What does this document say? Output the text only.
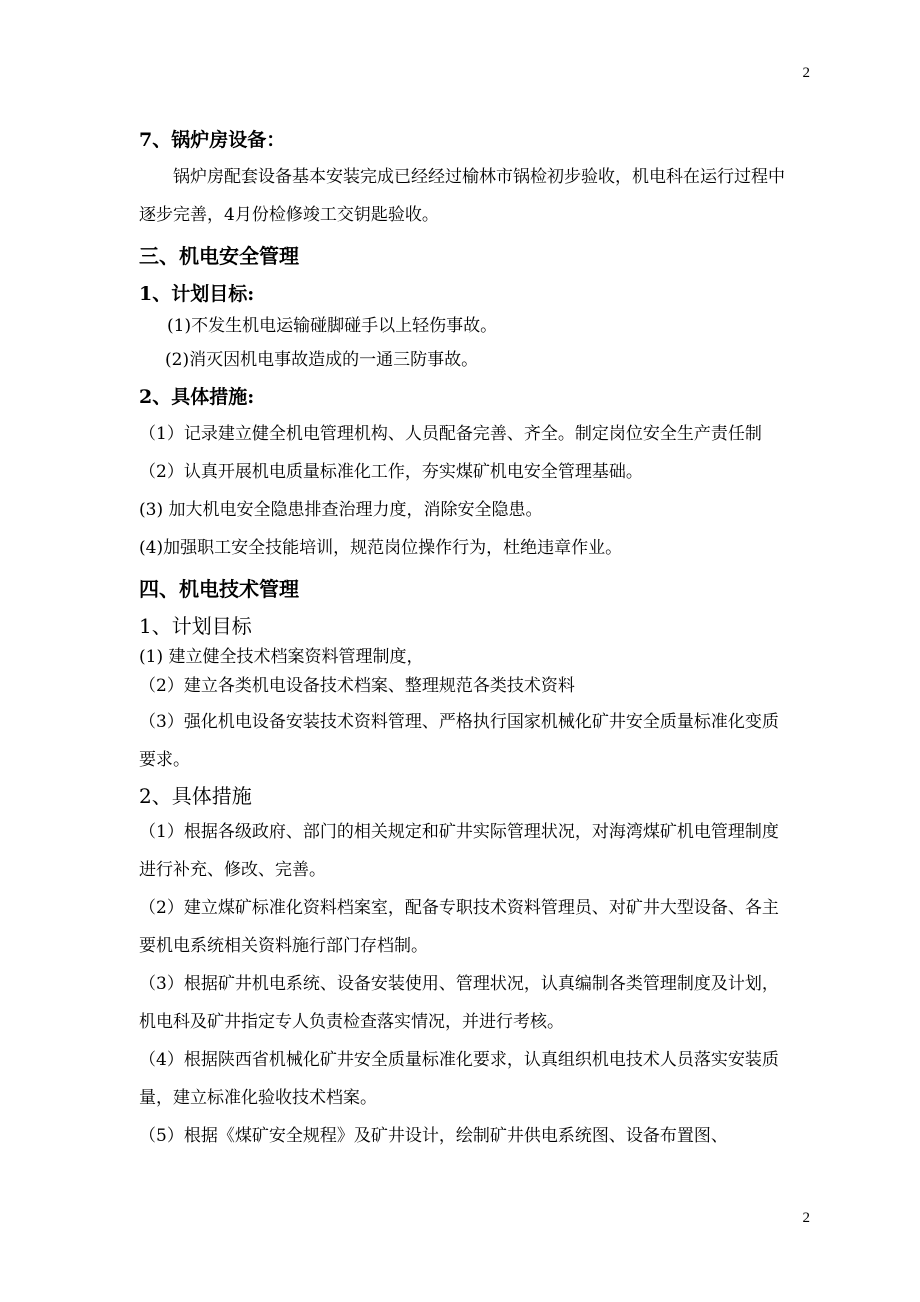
2
7、锅炉房设备：

锅炉房配套设备基本安装完成已经经过榆林市锅检初步验收，机电科在运行过程中逐步完善，4月份检修竣工交钥匙验收。

三、机电安全管理
1、计划目标:

(1)不发生机电运输碰脚碰手以上轻伤事故。

(2)消灭因机电事故造成的一通三防事故。

2、具体措施:

（1）记录建立健全机电管理机构、人员配备完善、齐全。制定岗位安全生产责任制

（2）认真开展机电质量标准化工作，夯实煤矿机电安全管理基础。

(3) 加大机电安全隐患排查治理力度，消除安全隐患。

(4)加强职工安全技能培训，规范岗位操作行为，杜绝违章作业。

四、机电技术管理
1、计划目标

(1) 建立健全技术档案资料管理制度，

（2）建立各类机电设备技术档案、整理规范各类技术资料

（3）强化机电设备安装技术资料管理、严格执行国家机械化矿井安全质量标准化变质要求。

2、具体措施

（1）根据各级政府、部门的相关规定和矿井实际管理状况，对海湾煤矿机电管理制度进行补充、修改、完善。

（2）建立煤矿标准化资料档案室，配备专职技术资料管理员、对矿井大型设备、各主要机电系统相关资料施行部门存档制。

（3）根据矿井机电系统、设备安装使用、管理状况，认真编制各类管理制度及计划，机电科及矿井指定专人负责检查落实情况，并进行考核。

（4）根据陕西省机械化矿井安全质量标准化要求，认真组织机电技术人员落实安装质量，建立标准化验收技术档案。

（5）根据《煤矿安全规程》及矿井设计，绘制矿井供电系统图、设备布置图、

2
